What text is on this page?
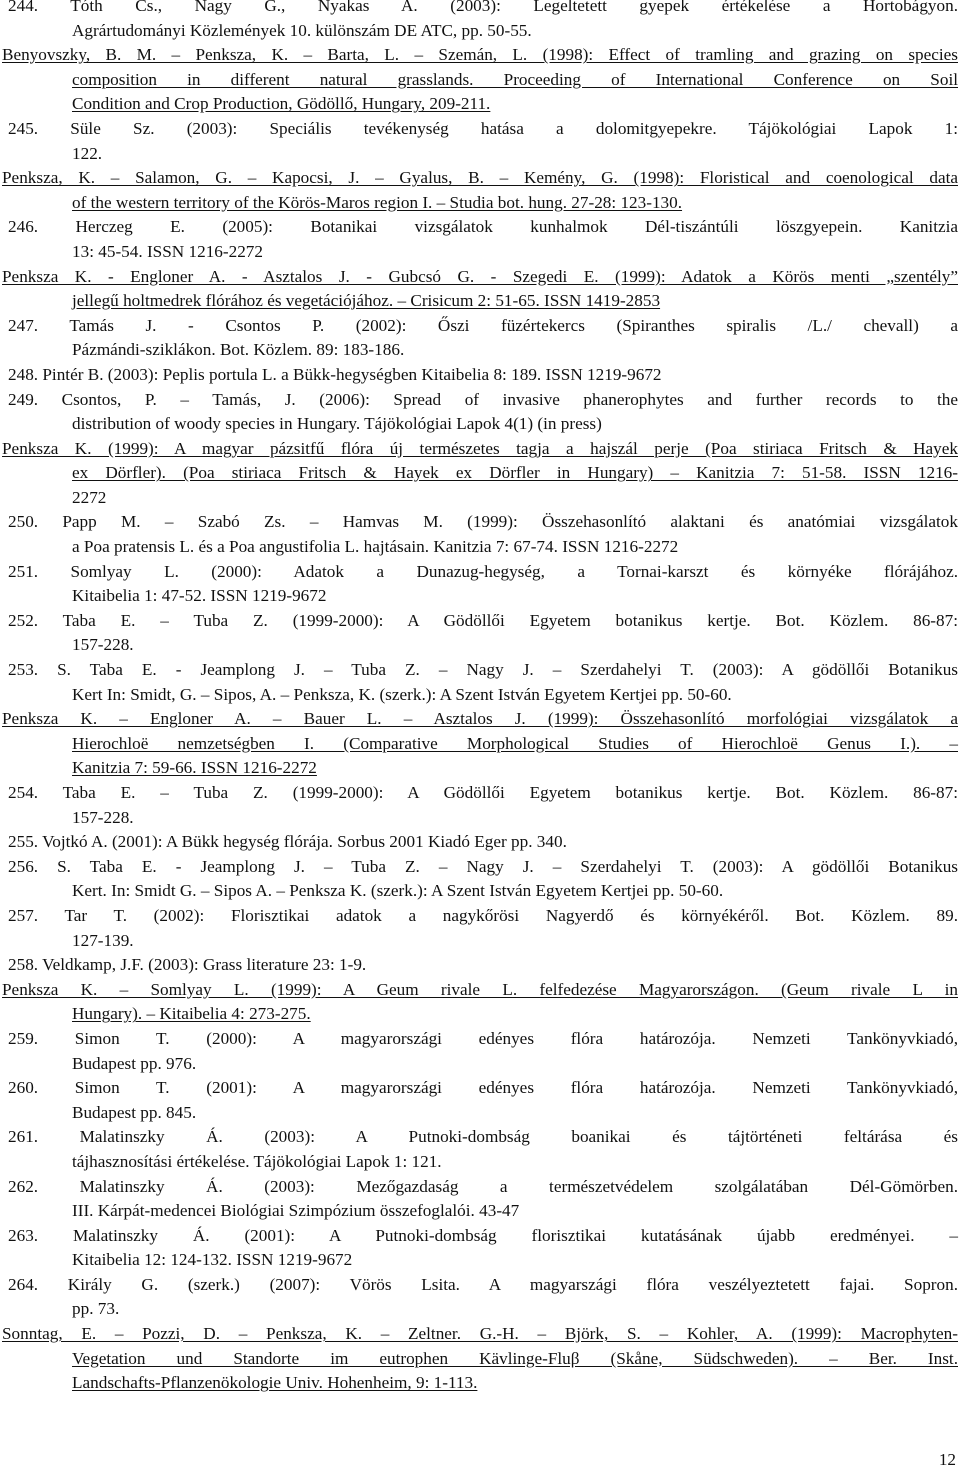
244. Tóth Cs., Nagy G., Nyakas A. (2003): Legeltetett gyepek értékelése a Hortobágyon.
Agrártudományi Közlemények 10. különszám DE ATC, pp. 50-55.
Benyovszky, B. M. – Penksza, K. – Barta, L. – Szemán, L. (1998): Effect of tramling and grazing on species
composition in different natural grasslands. Proceeding of International Conference on Soil
Condition and Crop Production, Gödöllő, Hungary, 209-211.
245. Süle Sz. (2003): Speciális tevékenység hatása a dolomitgyepekre. Tájökológiai Lapok 1:
122.
Penksza, K. – Salamon, G. – Kapocsi, J. – Gyalus, B. – Kemény, G. (1998): Floristical and coenological data
of the western territory of the Körös-Maros region I. – Studia bot. hung. 27-28: 123-130.
246. Herczeg E. (2005): Botanikai vizsgálatok kunhalmok Dél-tiszántúli löszgyepein. Kanitzia
13: 45-54. ISSN 1216-2272
Penksza K. - Engloner A. - Asztalos J. - Gubcsó G. - Szegedi E. (1999): Adatok a Körös menti „szentély”
jellegű holtmedrek flórához és vegetációjához. – Crisicum 2: 51-65. ISSN 1419-2853
247. Tamás J. - Csontos P. (2002): Őszi füzértekercs (Spiranthes spiralis /L./ chevall) a
Pázmándi-sziklákon. Bot. Közlem. 89: 183-186.
248. Pintér B. (2003): Peplis portula L. a Bükk-hegységben Kitaibelia 8: 189. ISSN 1219-9672
249. Csontos, P. – Tamás, J. (2006): Spread of invasive phanerophytes and further records to the
distribution of woody species in Hungary. Tájökológiai Lapok 4(1) (in press)
Penksza K. (1999): A magyar pázsitfű flóra új természetes tagja a hajszál perje (Poa stiriaca Fritsch & Hayek
ex Dörfler). (Poa stiriaca Fritsch & Hayek ex Dörfler in Hungary) – Kanitzia 7: 51-58. ISSN 1216-
2272
250. Papp M. – Szabó Zs. – Hamvas M. (1999): Összehasonlító alaktani és anatómiai vizsgálatok
a Poa pratensis L. és a Poa angustifolia L. hajtásain. Kanitzia 7: 67-74. ISSN 1216-2272
251. Somlyay L. (2000): Adatok a Dunazug-hegység, a Tornai-karszt és környéke flórájához.
Kitaibelia 1: 47-52. ISSN 1219-9672
252. Taba E. – Tuba Z. (1999-2000): A Gödöllői Egyetem botanikus kertje. Bot. Közlem. 86-87:
157-228.
253. S. Taba E. - Jeamplong J. – Tuba Z. – Nagy J. – Szerdahelyi T. (2003): A gödöllői Botanikus
Kert In: Smidt, G. – Sipos, A. – Penksza, K. (szerk.): A Szent István Egyetem Kertjei pp. 50-60.
Penksza K. – Engloner A. – Bauer L. – Asztalos J. (1999): Összehasonlító morfológiai vizsgálatok a
Hierochloë nemzetségben I. (Comparative Morphological Studies of Hierochloë Genus I.). –
Kanitzia 7: 59-66. ISSN 1216-2272
254. Taba E. – Tuba Z. (1999-2000): A Gödöllői Egyetem botanikus kertje. Bot. Közlem. 86-87:
157-228.
255. Vojtkó A. (2001): A Bükk hegység flórája. Sorbus 2001 Kiadó Eger pp. 340.
256. S. Taba E. - Jeamplong J. – Tuba Z. – Nagy J. – Szerdahelyi T. (2003): A gödöllői Botanikus
Kert. In: Smidt G. – Sipos A. – Penksza K. (szerk.): A Szent István Egyetem Kertjei pp. 50-60.
257. Tar T. (2002): Florisztikai adatok a nagykőrösi Nagyerdő és környékéről. Bot. Közlem. 89.
127-139.
258. Veldkamp, J.F. (2003): Grass literature 23: 1-9.
Penksza K. – Somlyay L. (1999): A Geum rivale L. felfedezése Magyarországon. (Geum rivale L in
Hungary). – Kitaibelia 4: 273-275.
259. Simon T. (2000): A magyarországi edényes flóra határozója. Nemzeti Tankönyvkiadó,
Budapest pp. 976.
260. Simon T. (2001): A magyarországi edényes flóra határozója. Nemzeti Tankönyvkiadó,
Budapest pp. 845.
261. Malatinszky Á. (2003): A Putnoki-dombság boanikai és tájtörténeti feltárása és
tájhasznosítási értékelése. Tájökológiai Lapok 1: 121.
262. Malatinszky Á. (2003): Mezőgazdaság a természetvédelem szolgálatában Dél-Gömörben.
III. Kárpát-medencei Biológiai Szimpózium összefoglalói. 43-47
263. Malatinszky Á. (2001): A Putnoki-dombság florisztikai kutatásának újabb eredményei. –
Kitaibelia 12: 124-132. ISSN 1219-9672
264. Király G. (szerk.) (2007): Vörös Lsita. A magyarszági flóra veszélyeztetett fajai. Sopron.
pp. 73.
Sonntag, E. – Pozzi, D. – Penksza, K. – Zeltner. G.-H. – Björk, S. – Kohler, A. (1999): Macrophyten-
Vegetation und Standorte im eutrophen Kävlinge-Fluβ (Skåne, Südschweden). – Ber. Inst.
Landschafts-Pflanzenökologie Univ. Hohenheim, 9: 1-113.
12
